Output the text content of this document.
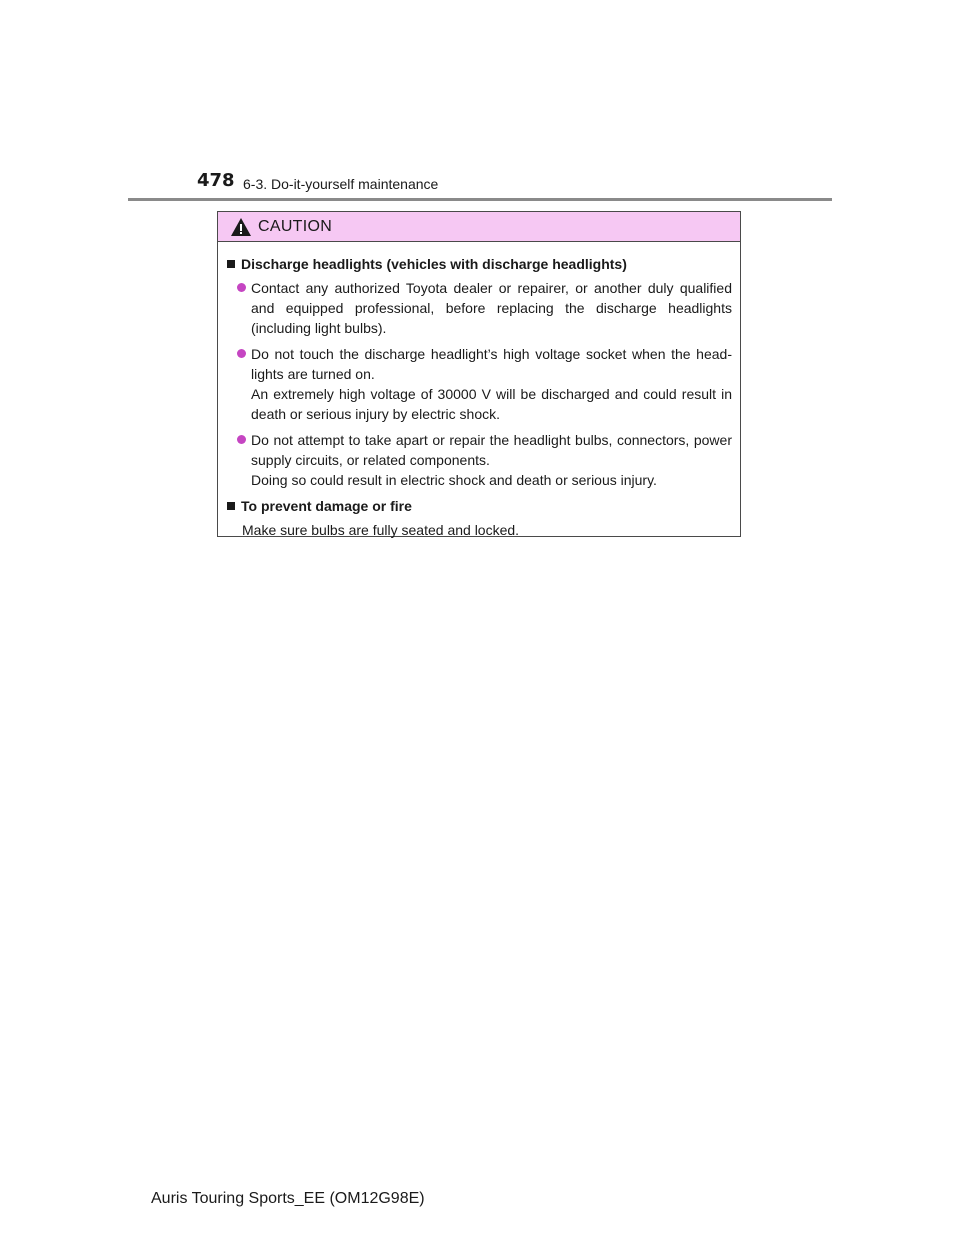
478 6-3. Do-it-yourself maintenance
CAUTION
Discharge headlights (vehicles with discharge headlights)
Contact any authorized Toyota dealer or repairer, or another duly qualified and equipped professional, before replacing the discharge headlights (including light bulbs).
Do not touch the discharge headlight’s high voltage socket when the head-lights are turned on.
An extremely high voltage of 30000 V will be discharged and could result in death or serious injury by electric shock.
Do not attempt to take apart or repair the headlight bulbs, connectors, power supply circuits, or related components.
Doing so could result in electric shock and death or serious injury.
To prevent damage or fire
Make sure bulbs are fully seated and locked.
Auris Touring Sports_EE (OM12G98E)
